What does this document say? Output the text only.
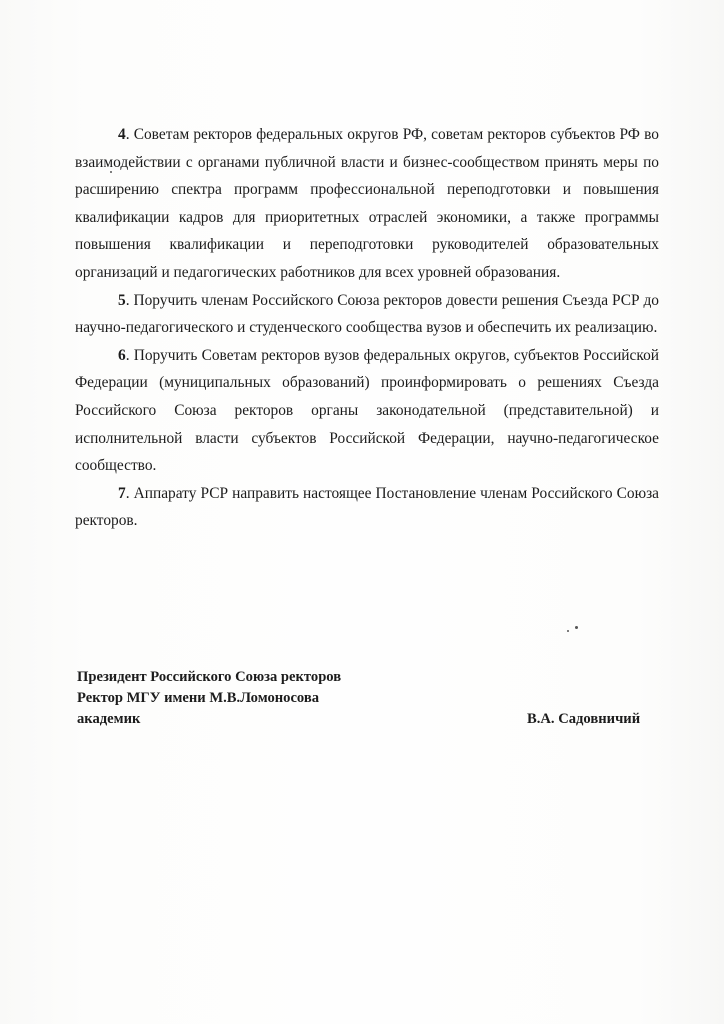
4. Советам ректоров федеральных округов РФ, советам ректоров субъектов РФ во взаимодействии с органами публичной власти и бизнес-сообществом принять меры по расширению спектра программ профессиональной переподготовки и повышения квалификации кадров для приоритетных отраслей экономики, а также программы повышения квалификации и переподготовки руководителей образовательных организаций и педагогических работников для всех уровней образования.

5. Поручить членам Российского Союза ректоров довести решения Съезда РСР до научно-педагогического и студенческого сообщества вузов и обеспечить их реализацию.

6. Поручить Советам ректоров вузов федеральных округов, субъектов Российской Федерации (муниципальных образований) проинформировать о решениях Съезда Российского Союза ректоров органы законодательной (представительной) и исполнительной власти субъектов Российской Федерации, научно-педагогическое сообщество.

7. Аппарату РСР направить настоящее Постановление членам Российского Союза ректоров.

Президент Российского Союза ректоров
Ректор МГУ имени М.В.Ломоносова
академик	В.А. Садовничий
